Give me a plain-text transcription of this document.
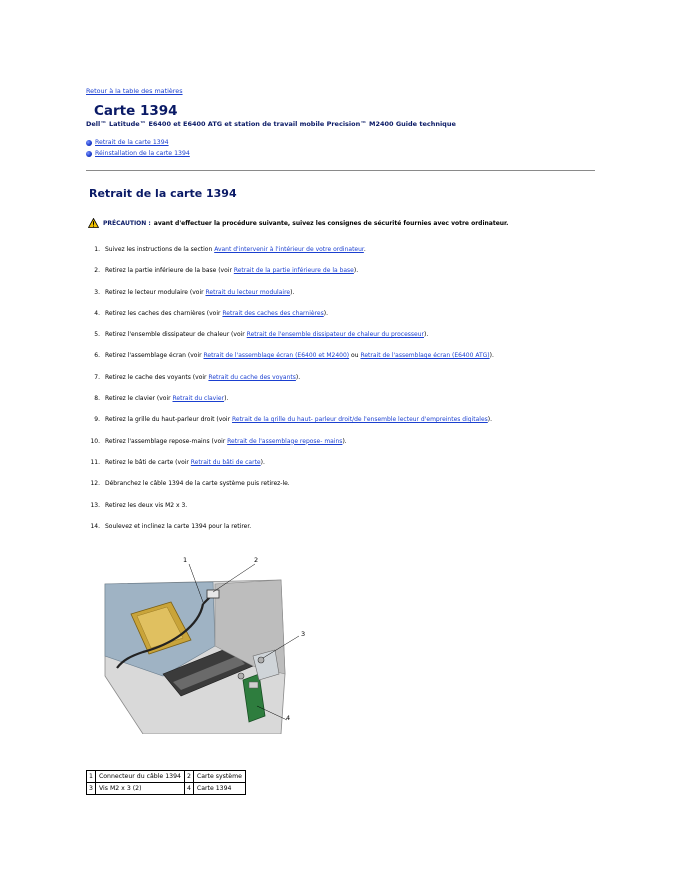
Retour à la table des matières
Carte 1394
Dell™ Latitude™ E6400 et E6400 ATG et station de travail mobile Precision™ M2400 Guide technique
Retrait de la carte 1394
Réinstallation de la carte 1394
Retrait de la carte 1394
PRÉCAUTION : avant d'effectuer la procédure suivante, suivez les consignes de sécurité fournies avec votre ordinateur.
1. Suivez les instructions de la section Avant d'intervenir à l'intérieur de votre ordinateur.
2. Retirez la partie inférieure de la base (voir Retrait de la partie inférieure de la base).
3. Retirez le lecteur modulaire (voir Retrait du lecteur modulaire).
4. Retirez les caches des charnières (voir Retrait des caches des charnières).
5. Retirez l'ensemble dissipateur de chaleur (voir Retrait de l'ensemble dissipateur de chaleur du processeur).
6. Retirez l'assemblage écran (voir Retrait de l'assemblage écran (E6400 et M2400) ou Retrait de l'assemblage écran (E6400 ATG)).
7. Retirez le cache des voyants (voir Retrait du cache des voyants).
8. Retirez le clavier (voir Retrait du clavier).
9. Retirez la grille du haut-parleur droit (voir Retrait de la grille du haut- parleur droit/de l'ensemble lecteur d'empreintes digitales).
10. Retirez l'assemblage repose-mains (voir Retrait de l'assemblage repose- mains).
11. Retirez le bâti de carte (voir Retrait du bâti de carte).
12. Débranchez le câble 1394 de la carte système puis retirez-le.
13. Retirez les deux vis M2 x 3.
14. Soulevez et inclinez la carte 1394 pour la retirer.
1	2
3
4
1	Connecteur du câble 1394	2	Carte système
3	Vis M2 x 3 (2)	4	Carte 1394
